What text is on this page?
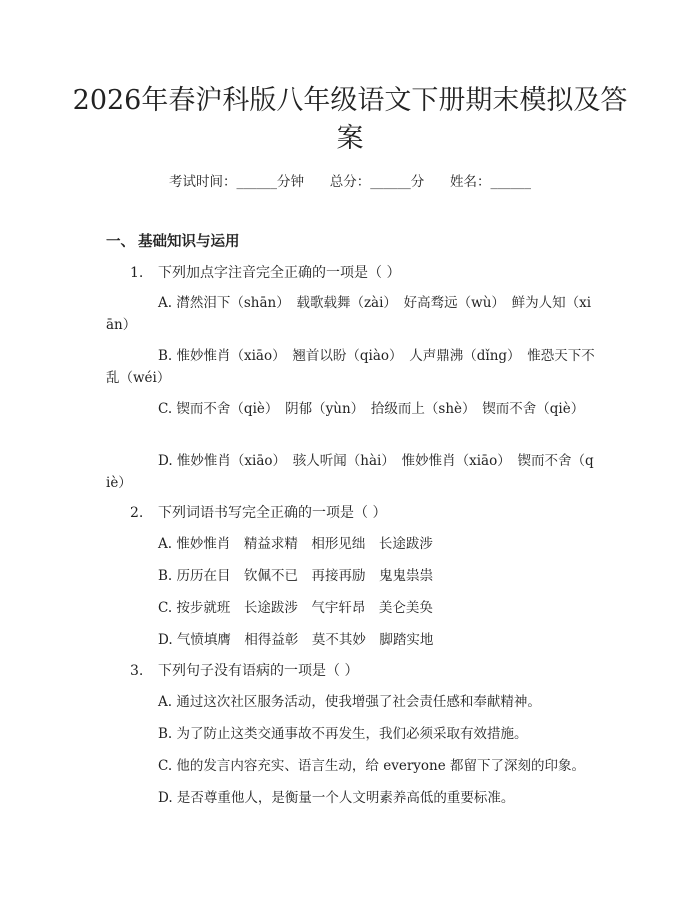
2026年春沪科版八年级语文下册期末模拟及答案
考试时间：______分钟 总分：______分 姓名：______
一、 基础知识与运用
1. 下列加点字注音完全正确的一项是（ ）
A. 潸然泪下（shān）　载歌载舞（zài）　好高骛远（wù）　鲜为人知（xiān）
B. 惟妙惟肖（xiāo）　翘首以盼（qiào）　人声鼎沸（dǐng）　惟恐天下不乱（wéi）
C. 锲而不舍（qiè）　阴郁（yùn）　拾级而上（shè）　锲而不舍（qiè）
D. 惟妙惟肖（xiāo）　骇人听闻（hài）　惟妙惟肖（xiāo）　锲而不舍（qiè）
2. 下列词语书写完全正确的一项是（ ）
A. 惟妙惟肖　精益求精　相形见绌　长途跋涉
B. 历历在目　钦佩不已　再接再励　鬼鬼祟祟
C. 按步就班　长途跋涉　气宇轩昂　美仑美奂
D. 气愤填膺　相得益彰　莫不其妙　脚踏实地
3. 下列句子没有语病的一项是（ ）
A. 通过这次社区服务活动，使我增强了社会责任感和奉献精神。
B. 为了防止这类交通事故不再发生，我们必须采取有效措施。
C. 他的发言内容充实、语言生动，给 everyone 都留下了深刻的印象。
D. 是否尊重他人，是衡量一个人文明素养高低的重要标准。
